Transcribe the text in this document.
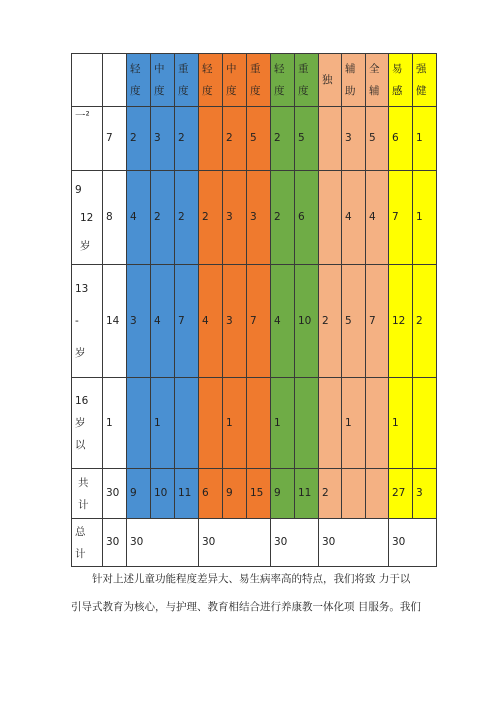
		轻度	中度	重度	轻度	中度	重度	轻度	重度	独	辅助	全辅	易感	强健

一²	7	2	3	2		2	5	2	5		3	5	6	1

9
12
岁	8	4	2	2	2	3	3	2	6		4	4	7	1

13
-
岁	14	3	4	7	4	3	7	4	10	2	5	7	12	2

16
岁
以	1		1			1		1			1		1	

共
计	30	9	10	11	6	9	15	9	11	2			27	3

总
计	30	30			30			30		30			30	
针对上述儿童功能程度差异大、易生病率高的特点，我们将致 力于以
引导式教育为核心，与护理、教育相结合进行养康教一体化项 目服务。我们
